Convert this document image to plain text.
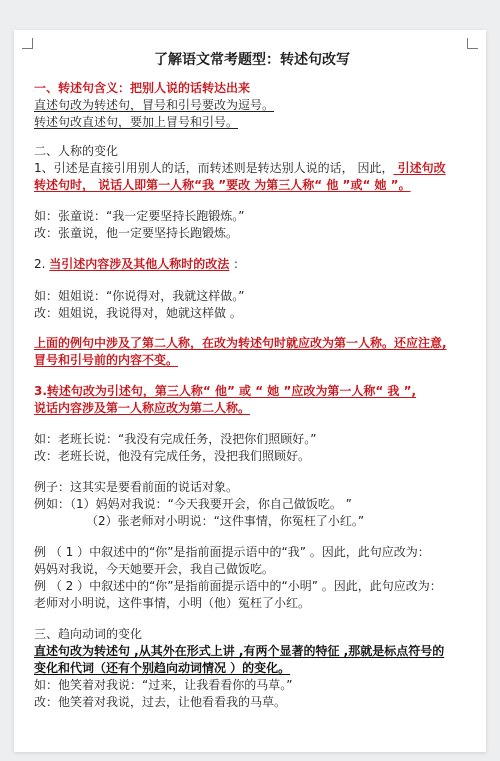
了解语文常考题型：转述句改写
一、转述句含义：把别人说的话转达出来
直述句改为转述句，冒号和引号要改为逗号。
转述句改直述句，要加上冒号和引号。
二、人称的变化
1、引述是直接引用别人的话，而转述则是转达别人说的话， 因此， 引述句改
转述句时， 说话人即第一人称“我 ”要改 为第三人称“ 他 ”或“ 她 ”。
如：张童说：“我一定要坚持长跑锻炼。”
改：张童说，他一定要坚持长跑锻炼。
2. 当引述内容涉及其他人称时的改法 ：
如：姐姐说：“你说得对，我就这样做。”
改：姐姐说，我说得对，她就这样做 。
上面的例句中涉及了第二人称，在改为转述句时就应改为第一人称。还应注意,
冒号和引号前的内容不变。
3.转述句改为引述句，第三人称“ 他” 或 “ 她 ”应改为第一人称“ 我 ”,
说话内容涉及第一人称应改为第二人称。
如：老班长说：“我没有完成任务，没把你们照顾好。”
改：老班长说，他没有完成任务，没把我们照顾好。
例子：这其实是要看前面的说话对象。
例如：（1）妈妈对我说：“今天我要开会，你自己做饭吃。 ”
（2）张老师对小明说：“这件事情，你冤枉了小红。”
例 （ 1 ）中叙述中的“你”是指前面提示语中的“我” 。因此，此句应改为：
妈妈对我说，今天她要开会，我自己做饭吃。
例 （ 2 ）中叙述中的“你”是指前面提示语中的“小明” 。因此，此句应改为：
老师对小明说，这件事情，小明（他）冤枉了小红。
三、趋向动词的变化
直述句改为转述句 ,从其外在形式上讲 ,有两个显著的特征 ,那就是标点符号的
变化和代词（还有个别趋向动词情况 ）的变化。
如：他笑着对我说：“过来，让我看看你的马草。”
改：他笑着对我说，过去，让他看看我的马草。
